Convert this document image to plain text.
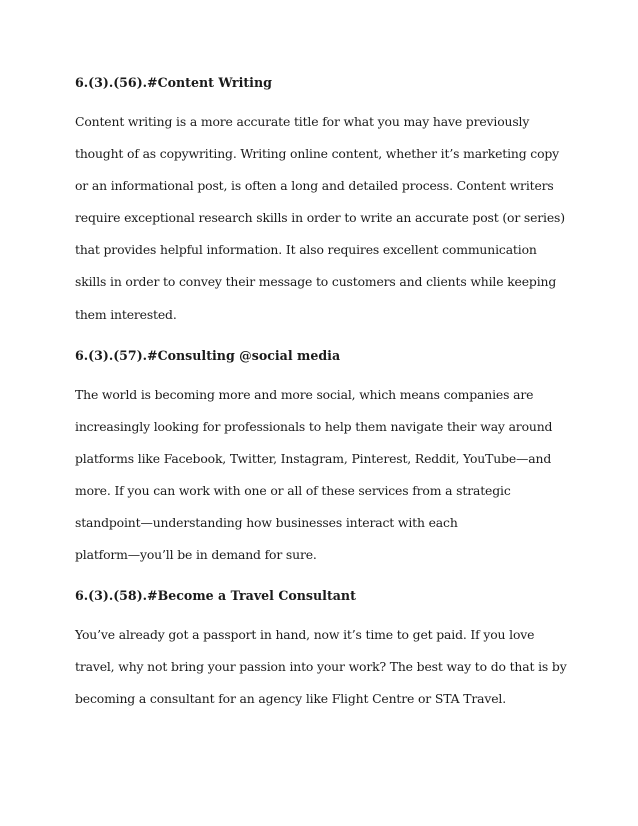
6.(3).(56).#Content Writing
Content writing is a more accurate title for what you may have previously
thought of as copywriting. Writing online content, whether it’s marketing copy
or an informational post, is often a long and detailed process. Content writers
require exceptional research skills in order to write an accurate post (or series)
that provides helpful information. It also requires excellent communication
skills in order to convey their message to customers and clients while keeping
them interested.
6.(3).(57).#Consulting @social media
The world is becoming more and more social, which means companies are
increasingly looking for professionals to help them navigate their way around
platforms like Facebook, Twitter, Instagram, Pinterest, Reddit, YouTube—and
more. If you can work with one or all of these services from a strategic
standpoint—understanding how businesses interact with each
platform—you’ll be in demand for sure.
6.(3).(58).#Become a Travel Consultant
You’ve already got a passport in hand, now it’s time to get paid. If you love
travel, why not bring your passion into your work? The best way to do that is by
becoming a consultant for an agency like Flight Centre or STA Travel.
